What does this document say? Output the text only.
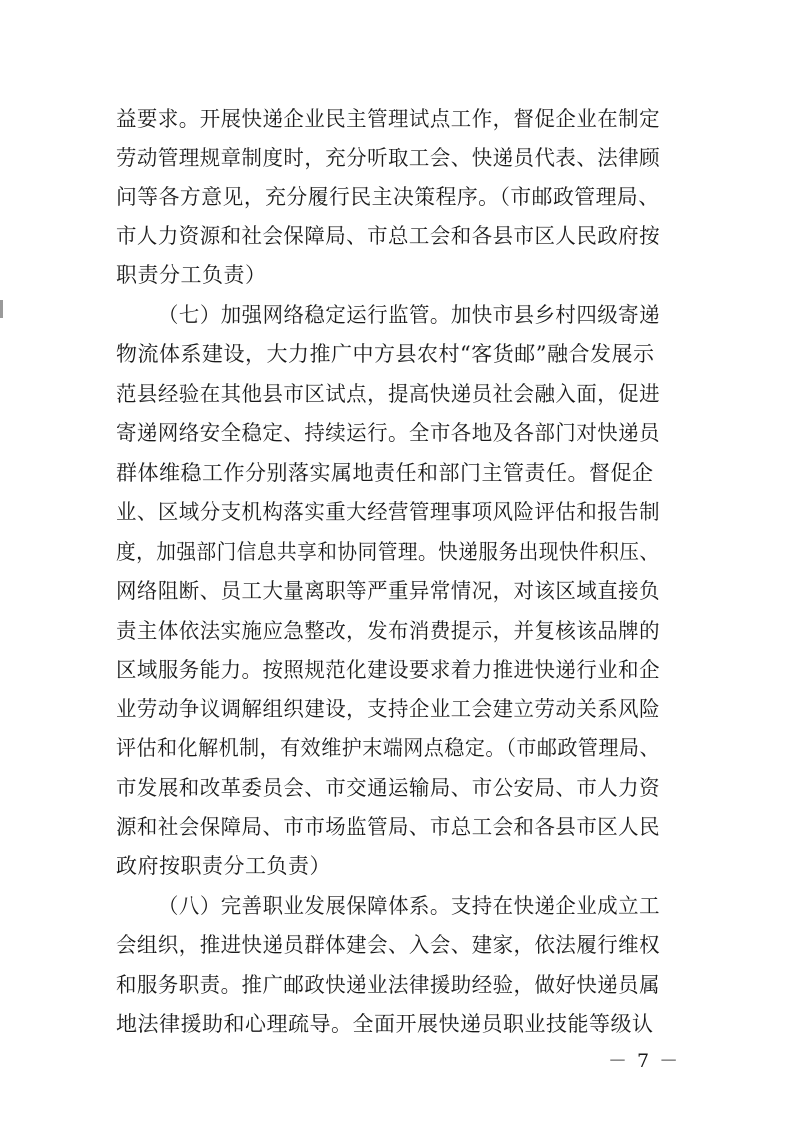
益要求。开展快递企业民主管理试点工作，督促企业在制定
劳动管理规章制度时，充分听取工会、快递员代表、法律顾
问等各方意见，充分履行民主决策程序。（市邮政管理局、
市人力资源和社会保障局、市总工会和各县市区人民政府按
职责分工负责）
（七）加强网络稳定运行监管。加快市县乡村四级寄递
物流体系建设，大力推广中方县农村“客货邮”融合发展示
范县经验在其他县市区试点，提高快递员社会融入面，促进
寄递网络安全稳定、持续运行。全市各地及各部门对快递员
群体维稳工作分别落实属地责任和部门主管责任。督促企
业、区域分支机构落实重大经营管理事项风险评估和报告制
度，加强部门信息共享和协同管理。快递服务出现快件积压、
网络阻断、员工大量离职等严重异常情况，对该区域直接负
责主体依法实施应急整改，发布消费提示，并复核该品牌的
区域服务能力。按照规范化建设要求着力推进快递行业和企
业劳动争议调解组织建设，支持企业工会建立劳动关系风险
评估和化解机制，有效维护末端网点稳定。（市邮政管理局、
市发展和改革委员会、市交通运输局、市公安局、市人力资
源和社会保障局、市市场监管局、市总工会和各县市区人民
政府按职责分工负责）
（八）完善职业发展保障体系。支持在快递企业成立工
会组织，推进快递员群体建会、入会、建家，依法履行维权
和服务职责。推广邮政快递业法律援助经验，做好快递员属
地法律援助和心理疏导。全面开展快递员职业技能等级认
－ 7 －
